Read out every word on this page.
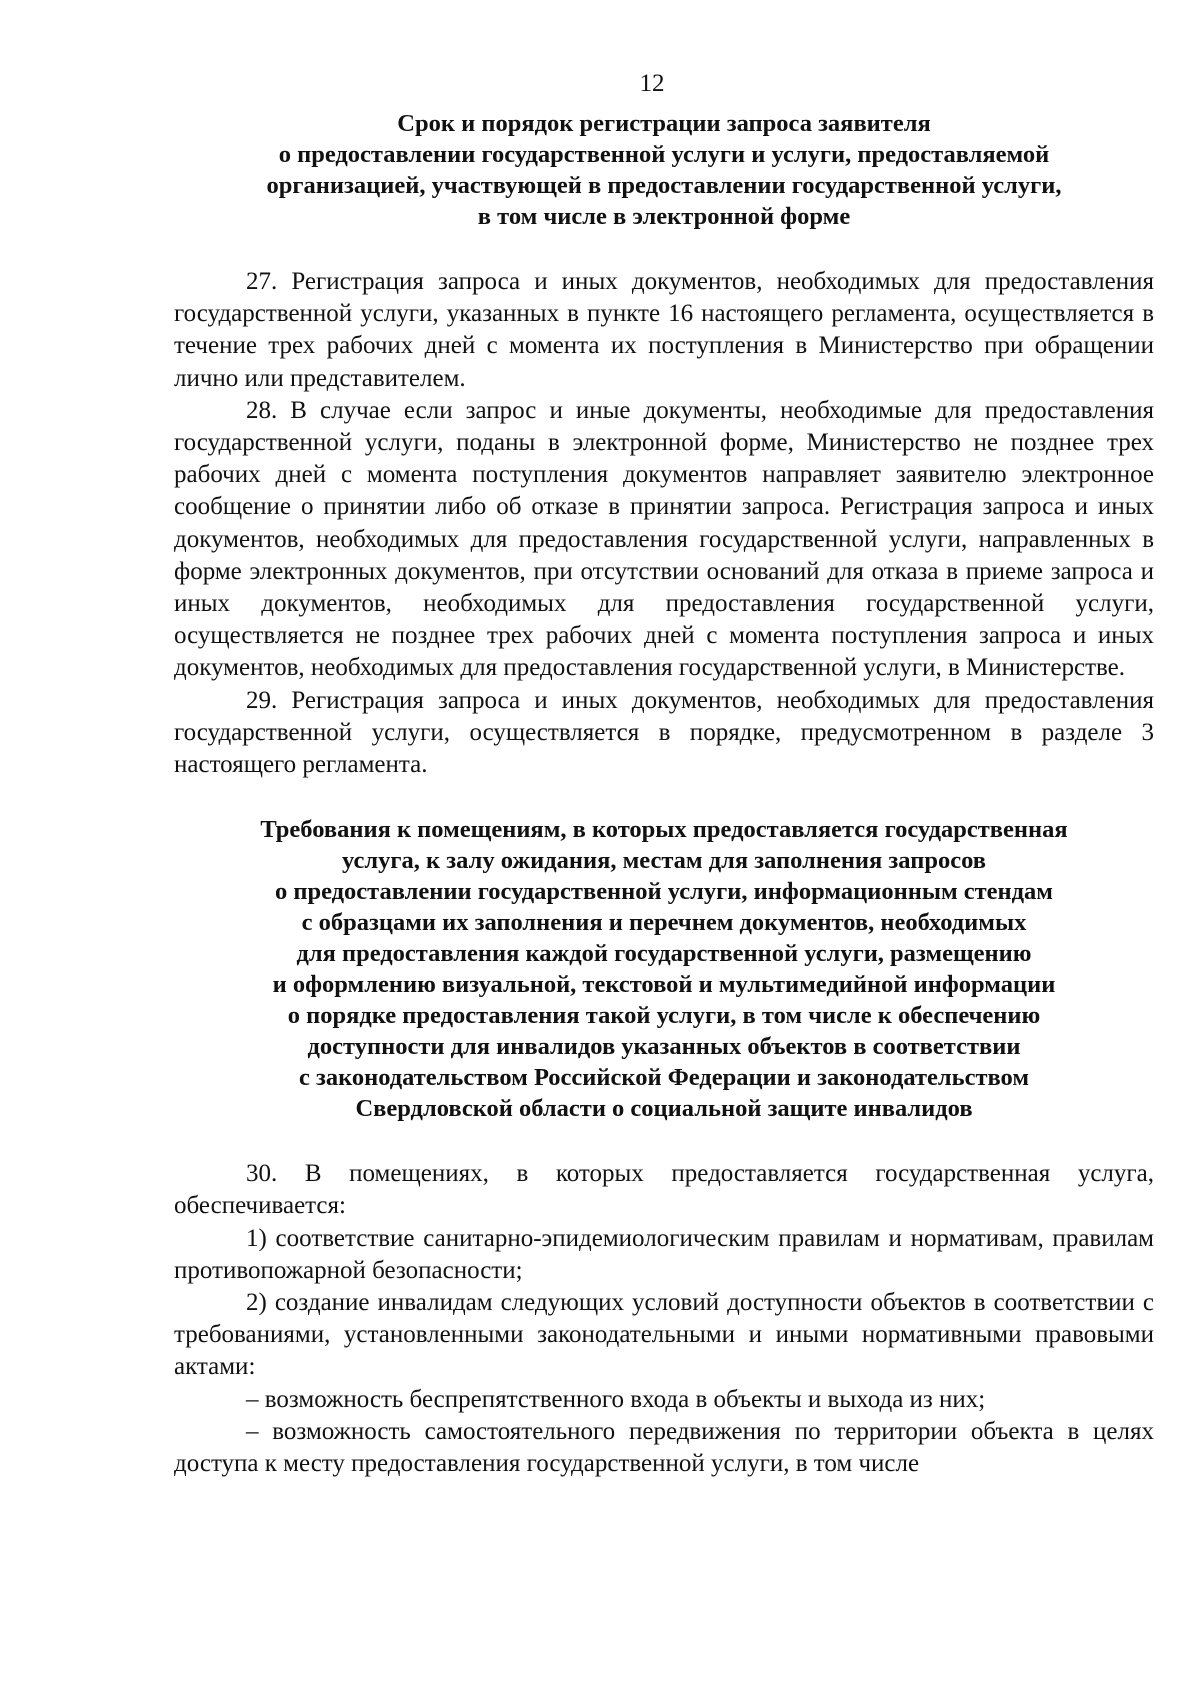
12
Срок и порядок регистрации запроса заявителя
о предоставлении государственной услуги и услуги, предоставляемой
организацией, участвующей в предоставлении государственной услуги,
в том числе в электронной форме

27. Регистрация запроса и иных документов, необходимых для предоставления государственной услуги, указанных в пункте 16 настоящего регламента, осуществляется в течение трех рабочих дней с момента их поступления в Министерство при обращении лично или представителем.

28. В случае если запрос и иные документы, необходимые для предоставления государственной услуги, поданы в электронной форме, Министерство не позднее трех рабочих дней с момента поступления документов направляет заявителю электронное сообщение о принятии либо об отказе в принятии запроса. Регистрация запроса и иных документов, необходимых для предоставления государственной услуги, направленных в форме электронных документов, при отсутствии оснований для отказа в приеме запроса и иных документов, необходимых для предоставления государственной услуги, осуществляется не позднее трех рабочих дней с момента поступления запроса и иных документов, необходимых для предоставления государственной услуги, в Министерстве.

29. Регистрация запроса и иных документов, необходимых для предоставления государственной услуги, осуществляется в порядке, предусмотренном в разделе 3 настоящего регламента.

Требования к помещениям, в которых предоставляется государственная
услуга, к залу ожидания, местам для заполнения запросов
о предоставлении государственной услуги, информационным стендам
с образцами их заполнения и перечнем документов, необходимых
для предоставления каждой государственной услуги, размещению
и оформлению визуальной, текстовой и мультимедийной информации
о порядке предоставления такой услуги, в том числе к обеспечению
доступности для инвалидов указанных объектов в соответствии
с законодательством Российской Федерации и законодательством
Свердловской области о социальной защите инвалидов

30. В помещениях, в которых предоставляется государственная услуга, обеспечивается:

1) соответствие санитарно-эпидемиологическим правилам и нормативам, правилам противопожарной безопасности;

2) создание инвалидам следующих условий доступности объектов в соответствии с требованиями, установленными законодательными и иными нормативными правовыми актами:

– возможность беспрепятственного входа в объекты и выхода из них;

– возможность самостоятельного передвижения по территории объекта в целях доступа к месту предоставления государственной услуги, в том числе
